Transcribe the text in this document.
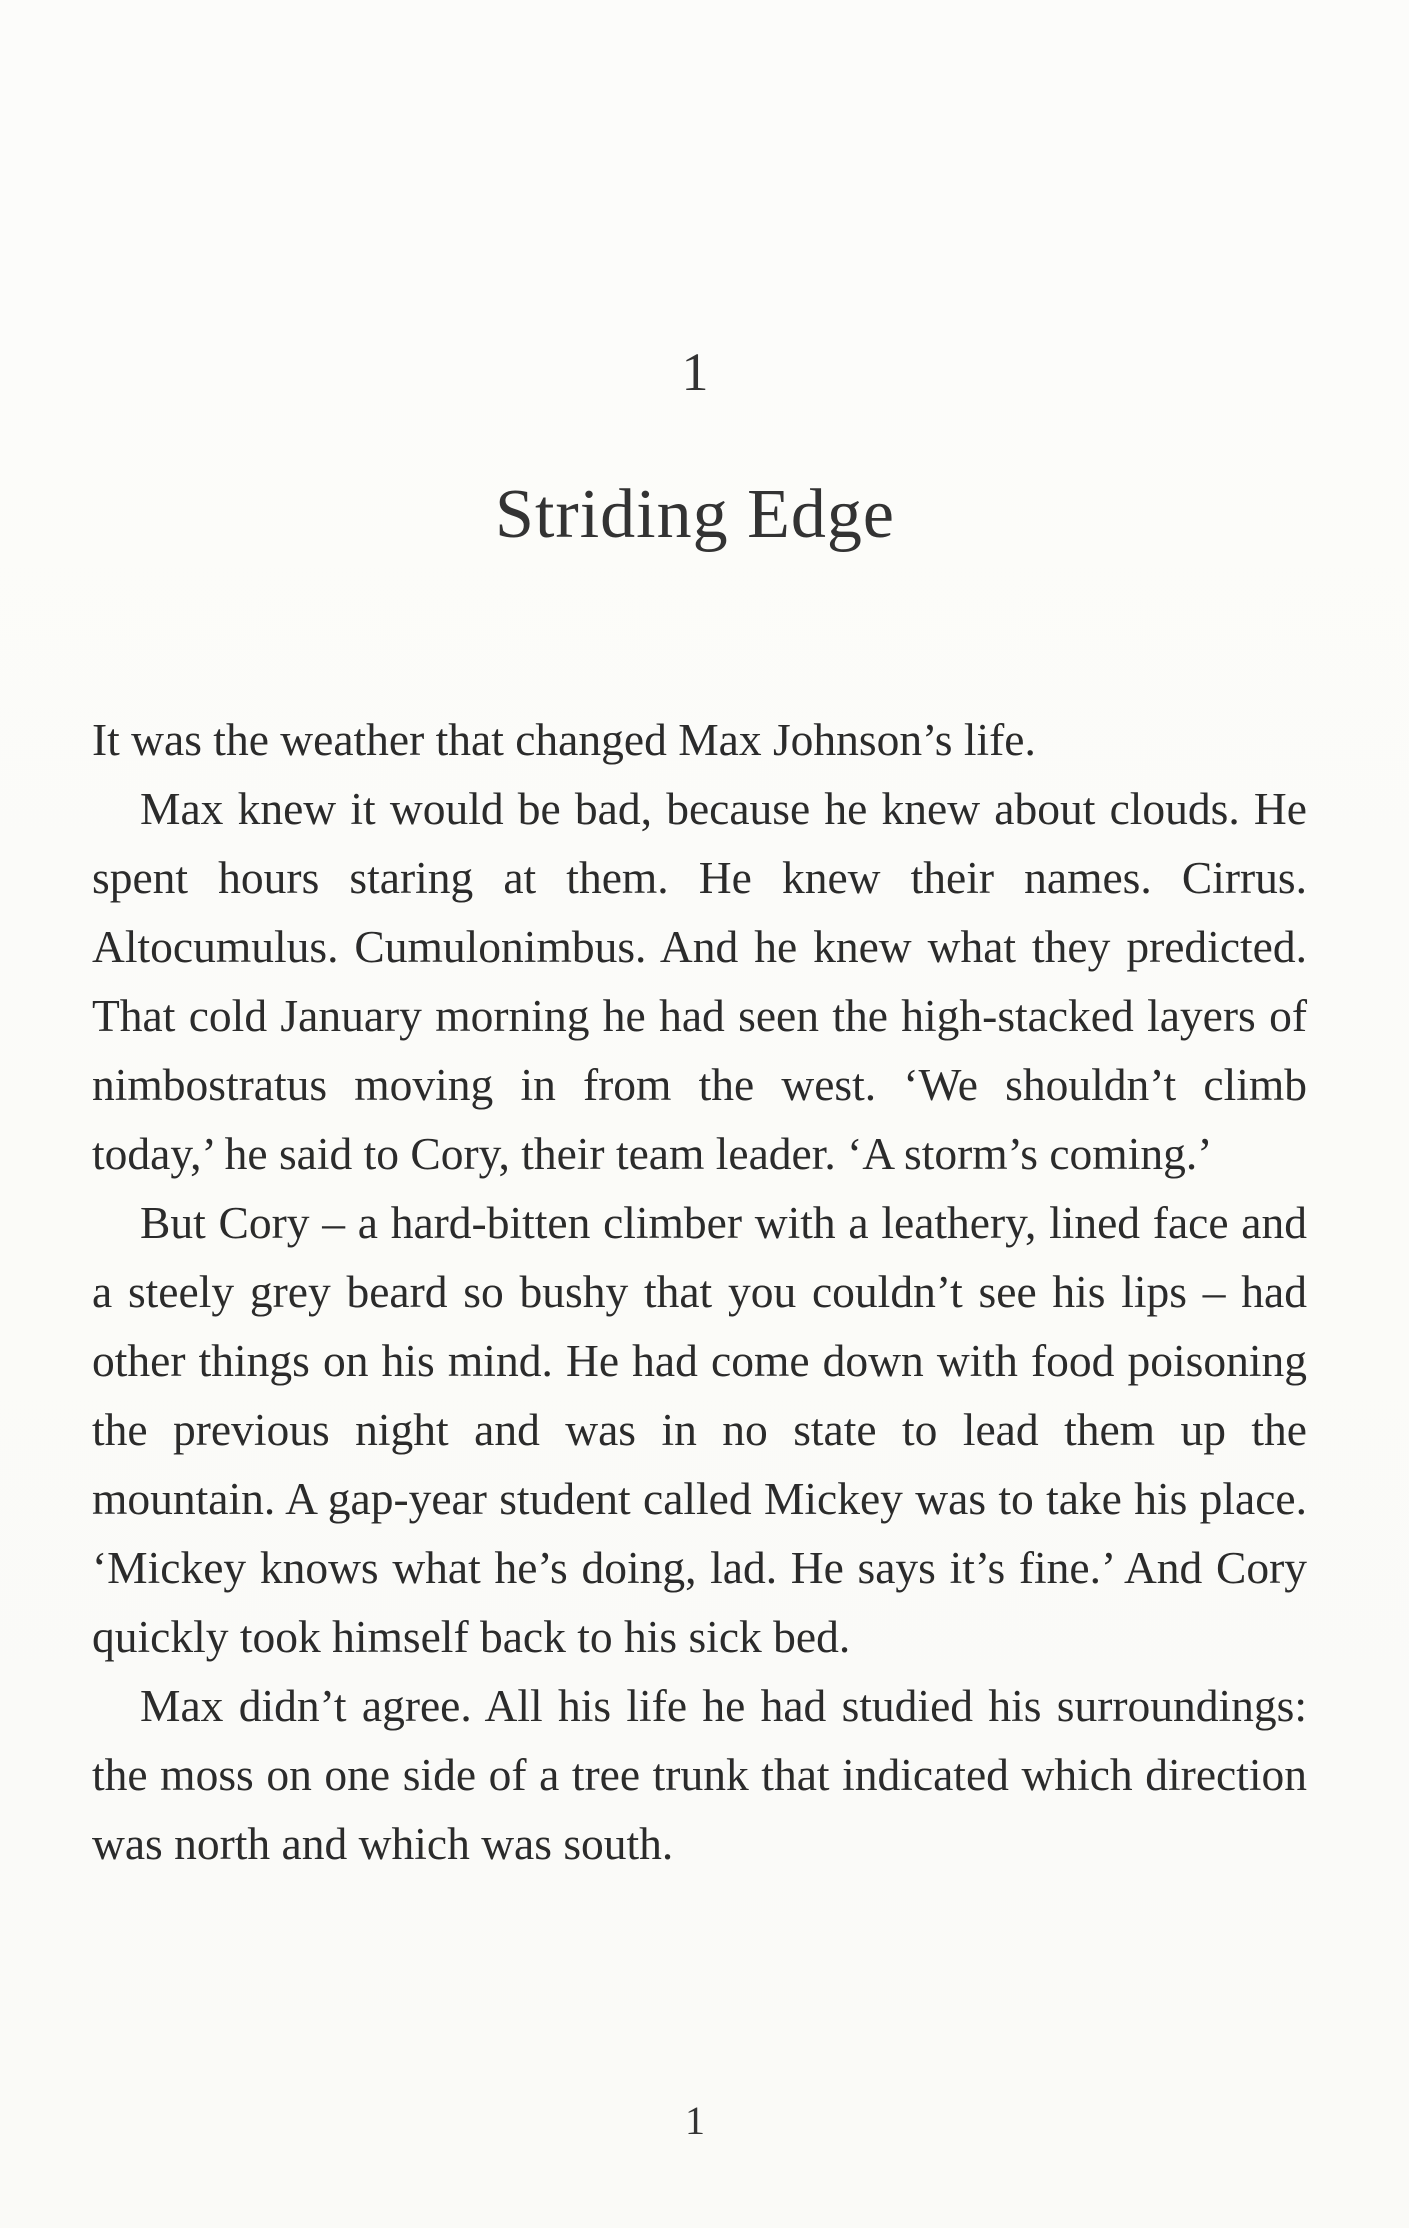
1
Striding Edge

It was the weather that changed Max Johnson’s life.

Max knew it would be bad, because he knew about clouds. He spent hours staring at them. He knew their names. Cirrus. Altocumulus. Cumulonimbus. And he knew what they predicted. That cold January morning he had seen the high-stacked layers of nimbostratus moving in from the west. ‘We shouldn’t climb today,’ he said to Cory, their team leader. ‘A storm’s coming.’

But Cory – a hard-bitten climber with a leathery, lined face and a steely grey beard so bushy that you couldn’t see his lips – had other things on his mind. He had come down with food poisoning the previous night and was in no state to lead them up the mountain. A gap-year student called Mickey was to take his place. ‘Mickey knows what he’s doing, lad. He says it’s fine.’ And Cory quickly took himself back to his sick bed.

Max didn’t agree. All his life he had studied his surroundings: the moss on one side of a tree trunk that indicated which direction was north and which was south.

1
